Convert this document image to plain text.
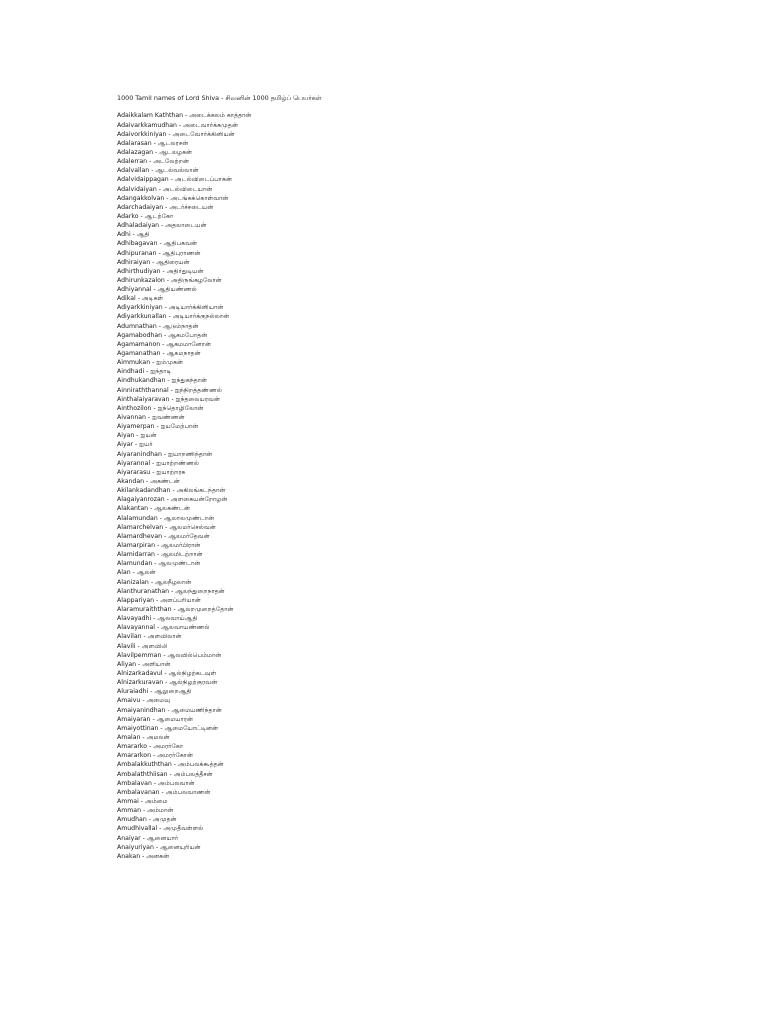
1000 Tamil names of Lord Shiva - சிவனின் 1000 தமிழ்ப் பெயர்கள்
Adaikkalam Kaththan - அடைக்கலம் காத்தான்
Adaivarkkamudhan - அடைவார்க்கமுதன்
Adaivorkkiniyan - அடைவோர்க்கினியன்
Adalarasan - ஆடலரசன்
Adalazagan - ஆடலழகன்
Adalerran - அடலேற்றன்
Adalvallan - ஆடல்வல்லான்
Adalvidaippagan - அடல்விடைப்பாகன்
Adalvidaiyan - அடல்விடையான்
Adangakkolvan - அடங்கக்கொள்வான்
Adarchadaiyan - அடர்ச்சடையன்
Adarko - ஆடற்கோ
Adhaladaiyan - அதலாடையன்
Adhi - ஆதி
Adhibagavan - ஆதிபகவன்
Adhipuranan - ஆதிபுராணன்
Adhiraiyan - ஆதிரையன்
Adhirthudiyan - அதிர்துடியன்
Adhirunkazalon - அதிருங்கழலோன்
Adhiyannal - ஆதியண்ணல்
Adikal - அடிகள்
Adiyarkkiniyan - அடியார்க்கினியான்
Adiyarkkunallan - அடியார்க்குநல்லான்
Adumnathan - ஆடும்நாதன்
Agamabodhan - ஆகமபோதன்
Agamamanon - ஆகமமானோன்
Agamanathan - ஆகமநாதன்
Aimmukan - ஐம்முகன்
Aindhadi - ஐந்தாடி
Aindhukandhan - ஐந்துகந்தான்
Ainniraththannal - ஐந்நிறத்தண்ணல்
Ainthalaiyaravan - ஐந்தலையரவன்
Ainthozilon - ஐந்தொழிலோன்
Aivannan - ஐவண்ணன்
Aiyamerpan - ஐயமேற்பான்
Aiyan - ஐயன்
Aiyar - ஐயர்
Aiyaranindhan - ஐயாறணிந்தான்
Aiyarannal - ஐயாற்றண்ணல்
Aiyararasu - ஐயாற்றரசு
Akandan - அகண்டன்
Akilankadandhan - அகிலங்கடந்தான்
Alagaiyanrozan - அளகையன்றோழன்
Alakantan - ஆலகண்டன்
Alalamundan - ஆலாலமுண்டான்
Alamarchelvan - ஆலமர்செல்வன்
Alamardhevan - ஆலமர்தேவன்
Alamarpiran - ஆலமர்பிரான்
Alamidarran - ஆலமிடற்றான்
Alamundan - ஆலமுண்டான்
Alan - ஆலன்
Alanizalan - ஆலநீழலான்
Alanthuranathan - ஆலந்துறைநாதன்
Alappariyan - அளப்பரியான்
Alaramuraiththan - ஆலறமுறைத்தோன்
Alavayadhi - ஆலவாய்ஆதி
Alavayannal - ஆலவாயண்ணல்
Alavilan - அளவிலான்
Alavili - அளவிலி
Alavilpemman - ஆலவில்பெம்மான்
Aliyan - அளியான்
Alnizarkadavul - ஆல்நிழற்கடவுள்
Alnizarkuravan - ஆல்நிழற்குரவன்
Aluraiadhi - ஆலுறைஆதி
Amaivu - அமைவு
Amaiyanindhan - ஆமையணிந்தான்
Amaiyaran - ஆமையாரன்
Amaiyottinan - ஆமையோட்டினன்
Amalan - அமலன்
Amararko - அமரர்கோ
Amararkon - அமரர்கோன்
Ambalakkuththan - அம்பலக்கூத்தன்
Ambalaththiisan - அம்பலத்தீசன்
Ambalavan - அம்பலவான்
Ambalavanan - அம்பலவாணன்
Ammai - அம்மை
Amman - அம்மான்
Amudhan - அமுதன்
Amudhivallal - அமுதீவள்ளல்
Anaiyar - ஆனையார்
Anaiyuriyan - ஆனையுரியன்
Anakan - அனகன்
